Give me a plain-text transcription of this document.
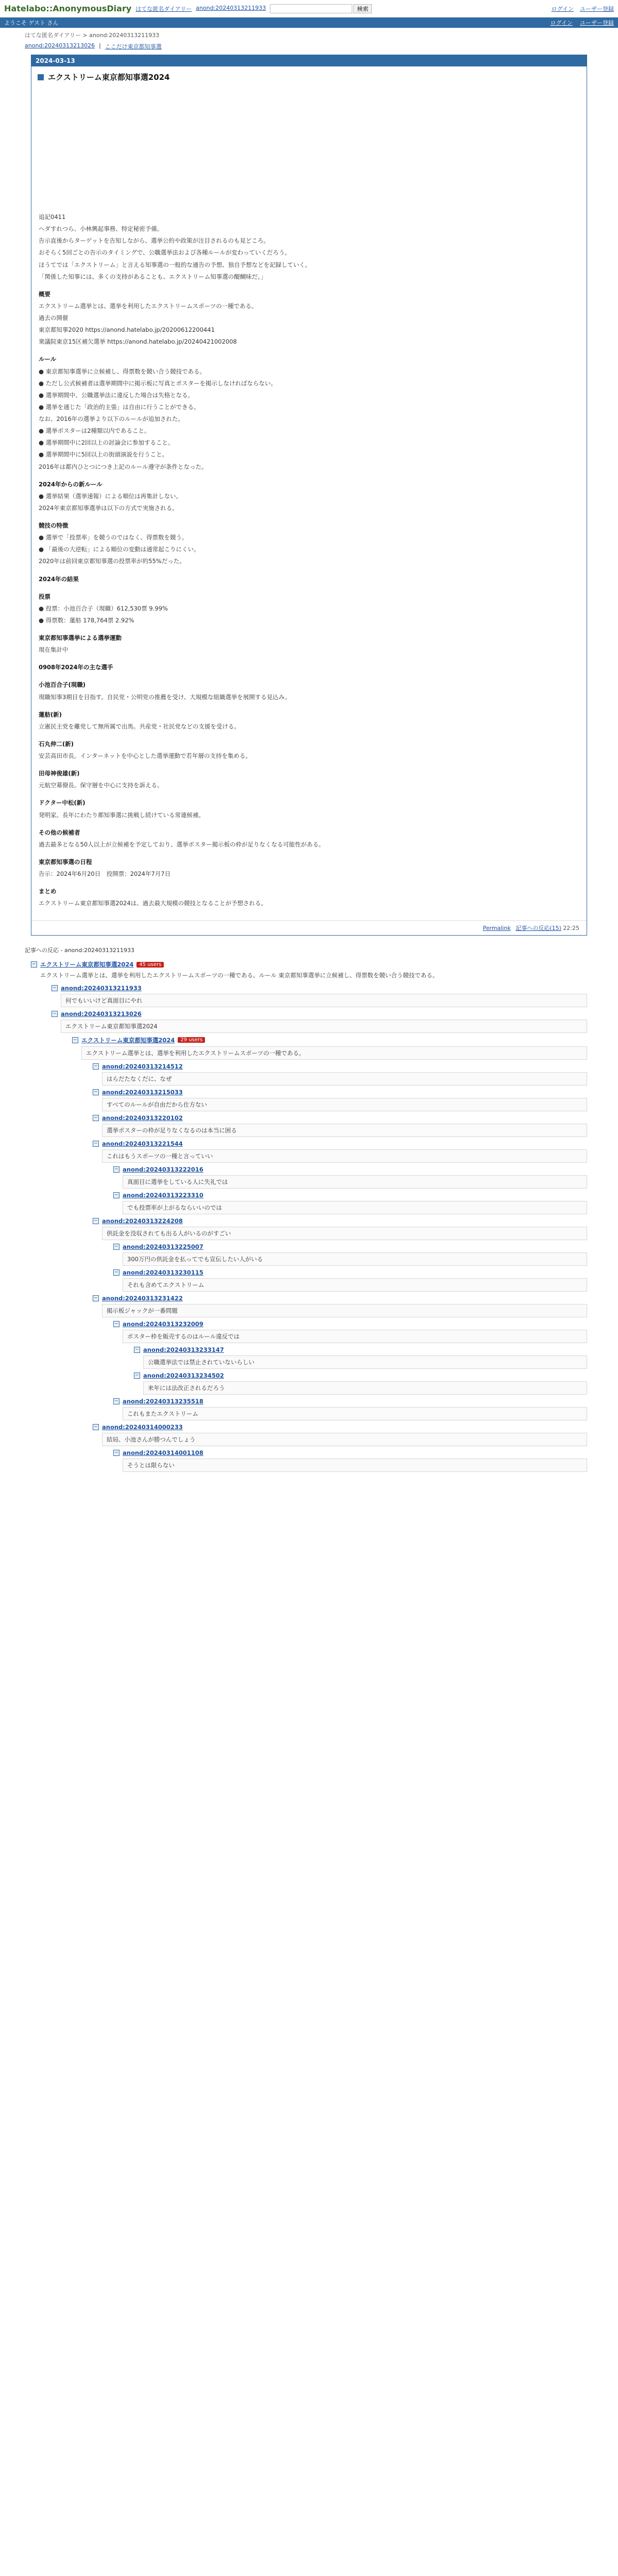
Hatelabo::AnonymousDiary はてな匿名ダイアリー anond:20240313211933	検索	ログイン ユーザー登録
ようこそ ゲスト さん	ログイン ユーザー登録
はてな匿名ダイアリー > anond:20240313211933
anond:20240313213026 | ここだけ東京都知事選
2024-03-13
エクストリーム東京都知事選2024

追記0411

ヘダすれつら、小林興起事務、特定秘密予備。

告示直後からターゲットを告知しながら、選挙公約や政策が注目されるのも見どころ。

おそらく5回ごとの告示のタイミングで、公職選挙法および各種ルールが変わっていくだろう。

ほうてでは「エクストリーム」と言える知事選の一般的な通告の予想、独自予想などを記録していく。

「関係した知事には、多くの支持があることも、エクストリーム知事選の醍醐味だ。」

概要

エクストリーム選挙とは、選挙を利用したエクストリームスポーツの一種である。

過去の開催

東京都知事2020 https://anond.hatelabo.jp/20200612200441

衆議院東京15区補欠選挙 https://anond.hatelabo.jp/20240421002008

ルール

● 東京都知事選挙に立候補し、得票数を競い合う競技である。

● ただし公式候補者は選挙期間中に掲示板に写真とポスターを掲示しなければならない。

● 選挙期間中、公職選挙法に違反した場合は失格となる。

● 選挙を通じた「政治的主張」は自由に行うことができる。

なお、2016年の選挙より以下のルールが追加された。

● 選挙ポスターは2種類以内であること。

● 選挙期間中に2回以上の討論会に参加すること。

● 選挙期間中に5回以上の街頭演説を行うこと。

2016年は都内ひとつにつき上記のルール遵守が条件となった。

2024年からの新ルール

● 選挙結果（選挙速報）による順位は再集計しない。

2024年東京都知事選挙は以下の方式で実施される。

競技の特徴

● 選挙で「投票率」を競うのではなく、得票数を競う。

● 「最後の大逆転」による順位の変動は通常起こりにくい。

2020年は前回東京都知事選の投票率が約55%だった。

2024年の結果

投票

● 投票：小池百合子（現職）612,530票 9.99%

● 得票数：蓮舫 178,764票 2.92%

東京都知事選挙による選挙運動

現在集計中

0908年2024年の主な選手

小池百合子(現職)

現職知事3期目を目指す。自民党・公明党の推薦を受け、大規模な組織選挙を展開する見込み。

蓮舫(新)

立憲民主党を離党して無所属で出馬。共産党・社民党などの支援を受ける。

石丸伸二(新)

安芸高田市長。インターネットを中心とした選挙運動で若年層の支持を集める。

田母神俊雄(新)

元航空幕僚長。保守層を中心に支持を訴える。

ドクター中松(新)

発明家。長年にわたり都知事選に挑戦し続けている常連候補。

その他の候補者

過去最多となる50人以上が立候補を予定しており、選挙ポスター掲示板の枠が足りなくなる可能性がある。

東京都知事選の日程

告示：2024年6月20日　投開票：2024年7月7日

まとめ

エクストリーム東京都知事選2024は、過去最大規模の競技となることが予想される。

Permalink 記事への反応(15) 22:25
記事への反応 - anond:20240313211933
− エクストリーム東京都知事選2024	45 users
エクストリーム選挙とは、選挙を利用したエクストリームスポーツの一種である。ルール 東京都知事選挙に立候補し、得票数を競い合う競技である。
− anond:20240313211933
何でもいいけど真面目にやれ
− anond:20240313213026
エクストリーム東京都知事選2024
− エクストリーム東京都知事選2024	29 users
エクストリーム選挙とは、選挙を利用したエクストリームスポーツの一種である。
− anond:20240313214512
はらだたなくだに、なぜ
− anond:20240313215033
すべてのルールが自由だから仕方ない
− anond:20240313220102
選挙ポスターの枠が足りなくなるのは本当に困る
− anond:20240313221544
これはもうスポーツの一種と言っていい
− anond:20240313222016
真面目に選挙をしている人に失礼では
− anond:20240313223310
でも投票率が上がるならいいのでは
− anond:20240313224208
供託金を没収されても出る人がいるのがすごい
− anond:20240313225007
300万円の供託金を払ってでも宣伝したい人がいる
− anond:20240313230115
それも含めてエクストリーム
− anond:20240313231422
掲示板ジャックが一番問題
− anond:20240313232009
ポスター枠を販売するのはルール違反では
− anond:20240313233147
公職選挙法では禁止されていないらしい
− anond:20240313234502
来年には法改正されるだろう
− anond:20240313235518
これもまたエクストリーム
− anond:20240314000233
結局、小池さんが勝つんでしょう
− anond:20240314001108
そうとは限らない
